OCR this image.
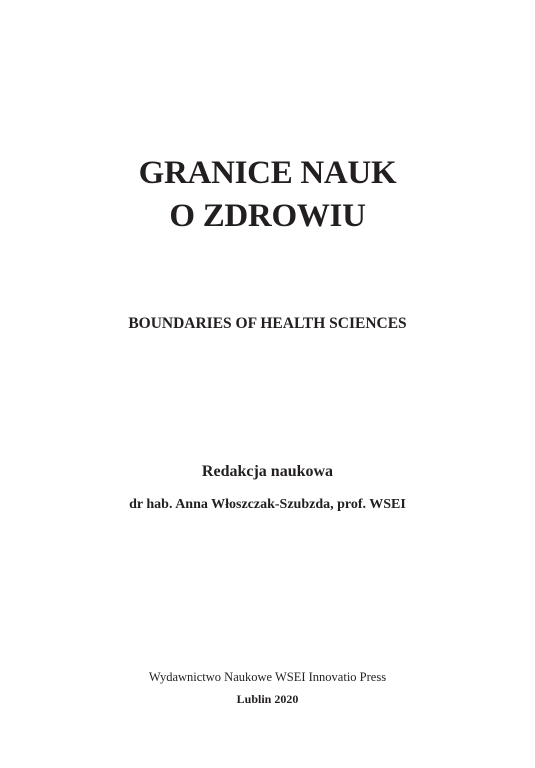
GRANICE NAUK
O ZDROWIU
BOUNDARIES OF HEALTH SCIENCES
Redakcja naukowa
dr hab. Anna Włoszczak-Szubzda, prof. WSEI
Wydawnictwo Naukowe WSEI Innovatio Press
Lublin 2020
